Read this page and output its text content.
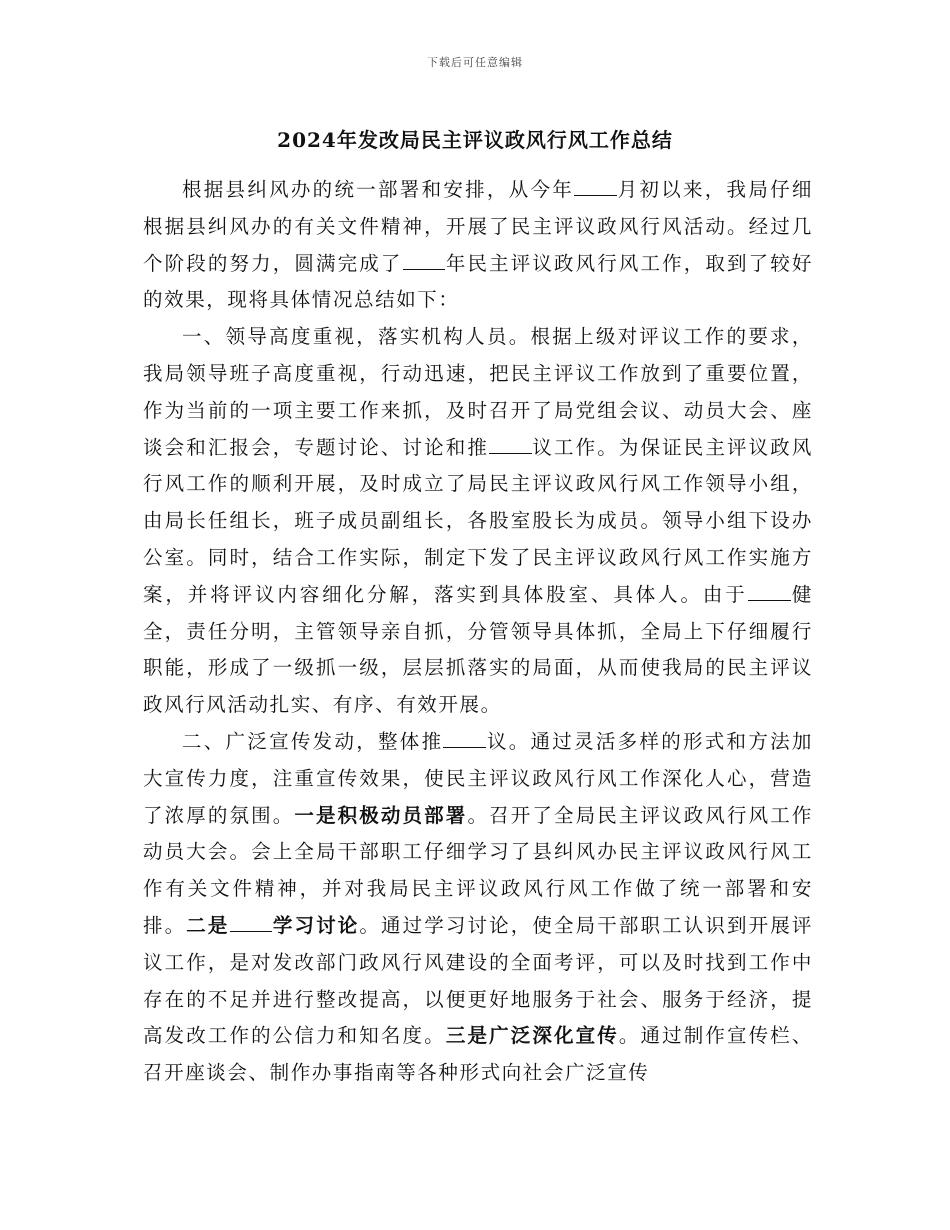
下载后可任意编辑
2024年发改局民主评议政风行风工作总结

根据县纠风办的统一部署和安排，从今年 月初以来，我局仔细根据县纠风办的有关文件精神，开展了民主评议政风行风活动。经过几个阶段的努力，圆满完成了 年民主评议政风行风工作，取到了较好的效果，现将具体情况总结如下：

一、领导高度重视，落实机构人员。根据上级对评议工作的要求，我局领导班子高度重视，行动迅速，把民主评议工作放到了重要位置，作为当前的一项主要工作来抓，及时召开了局党组会议、动员大会、座谈会和汇报会，专题讨论、讨论和推 议工作。为保证民主评议政风行风工作的顺利开展，及时成立了局民主评议政风行风工作领导小组，由局长任组长，班子成员副组长，各股室股长为成员。领导小组下设办公室。同时，结合工作实际，制定下发了民主评议政风行风工作实施方案，并将评议内容细化分解，落实到具体股室、具体人。由于 健全，责任分明，主管领导亲自抓，分管领导具体抓，全局上下仔细履行职能，形成了一级抓一级，层层抓落实的局面，从而使我局的民主评议政风行风活动扎实、有序、有效开展。

二、广泛宣传发动，整体推 议。通过灵活多样的形式和方法加大宣传力度，注重宣传效果，使民主评议政风行风工作深化人心，营造了浓厚的氛围。一是积极动员部署。召开了全局民主评议政风行风工作动员大会。会上全局干部职工仔细学习了县纠风办民主评议政风行风工作有关文件精神，并对我局民主评议政风行风工作做了统一部署和安排。二是 学习讨论。通过学习讨论，使全局干部职工认识到开展评议工作，是对发改部门政风行风建设的全面考评，可以及时找到工作中存在的不足并进行整改提高，以便更好地服务于社会、服务于经济，提高发改工作的公信力和知名度。三是广泛深化宣传。通过制作宣传栏、召开座谈会、制作办事指南等各种形式向社会广泛宣传
